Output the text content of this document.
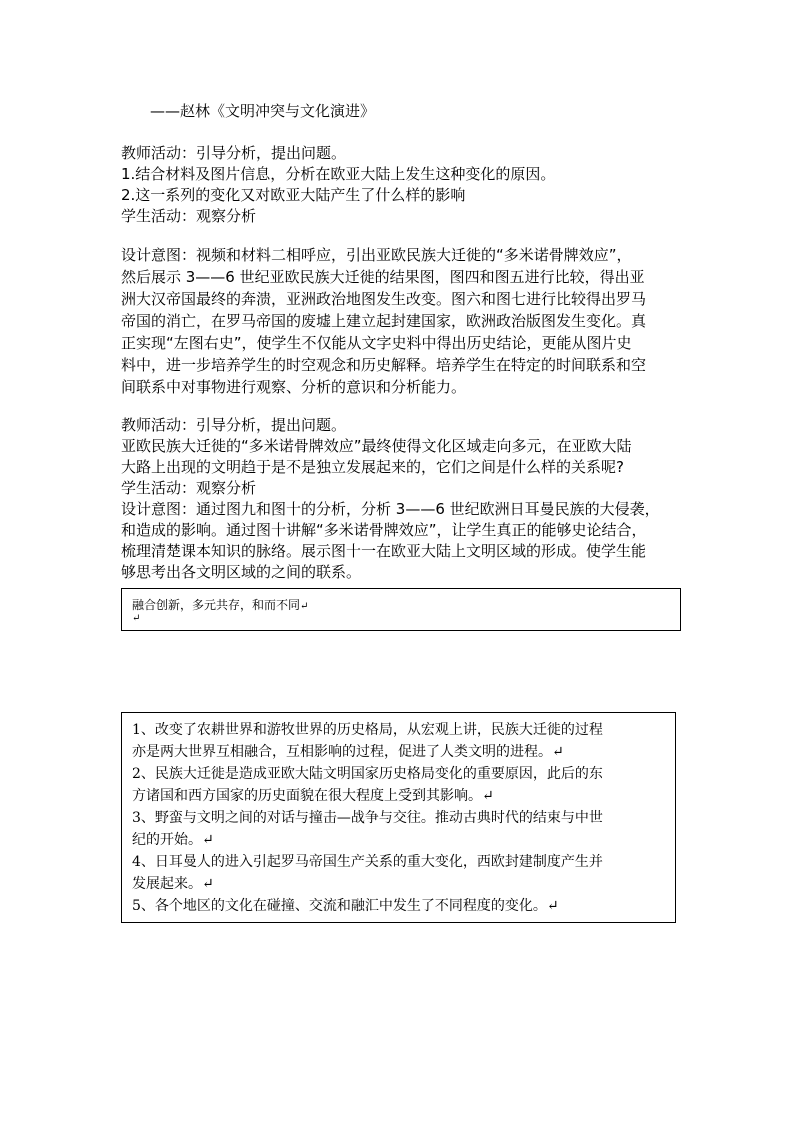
——赵林《文明冲突与文化演进》
教师活动：引导分析，提出问题。
1.结合材料及图片信息，分析在欧亚大陆上发生这种变化的原因。
2.这一系列的变化又对欧亚大陆产生了什么样的影响
学生活动：观察分析
设计意图：视频和材料二相呼应，引出亚欧民族大迁徙的“多米诺骨牌效应”，
然后展示 3——6 世纪亚欧民族大迁徙的结果图，图四和图五进行比较，得出亚
洲大汉帝国最终的奔溃，亚洲政治地图发生改变。图六和图七进行比较得出罗马
帝国的消亡，在罗马帝国的废墟上建立起封建国家，欧洲政治版图发生变化。真
正实现“左图右史”，使学生不仅能从文字史料中得出历史结论，更能从图片史
料中，进一步培养学生的时空观念和历史解释。培养学生在特定的时间联系和空
间联系中对事物进行观察、分析的意识和分析能力。
教师活动：引导分析，提出问题。
亚欧民族大迁徙的“多米诺骨牌效应”最终使得文化区域走向多元，在亚欧大陆
大路上出现的文明趋于是不是独立发展起来的，它们之间是什么样的关系呢?
学生活动：观察分析
设计意图：通过图九和图十的分析，分析 3——6 世纪欧洲日耳曼民族的大侵袭，
和造成的影响。通过图十讲解“多米诺骨牌效应”，让学生真正的能够史论结合，
梳理清楚课本知识的脉络。展示图十一在欧亚大陆上文明区域的形成。使学生能
够思考出各文明区域的之间的联系。
融合创新，多元共存，和而不同↵
↵
1、改变了农耕世界和游牧世界的历史格局，从宏观上讲，民族大迁徙的过程
亦是两大世界互相融合，互相影响的过程，促进了人类文明的进程。↵
2、民族大迁徙是造成亚欧大陆文明国家历史格局变化的重要原因，此后的东
方诸国和西方国家的历史面貌在很大程度上受到其影响。↵
3、野蛮与文明之间的对话与撞击—战争与交往。推动古典时代的结束与中世
纪的开始。↵
4、日耳曼人的进入引起罗马帝国生产关系的重大变化，西欧封建制度产生并
发展起来。↵
5、各个地区的文化在碰撞、交流和融汇中发生了不同程度的变化。↵
